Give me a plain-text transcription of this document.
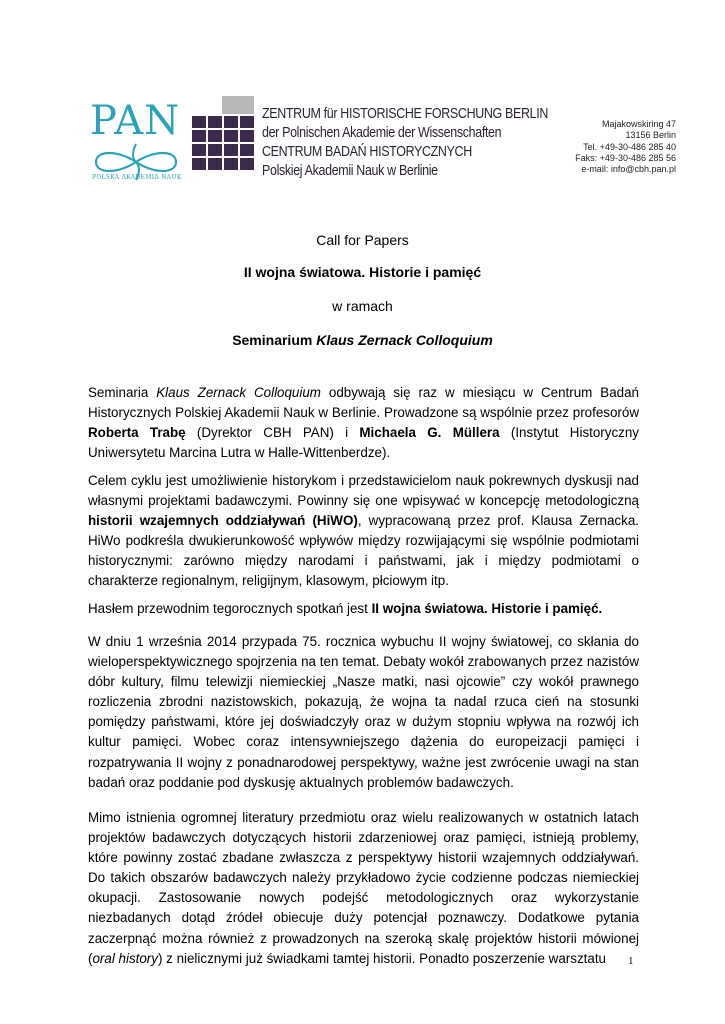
PAN
POLSKA AKADEMIA NAUK
ZENTRUM für HISTORISCHE FORSCHUNG BERLIN
der Polnischen Akademie der Wissenschaften
CENTRUM BADAŃ HISTORYCZNYCH
Polskiej Akademii Nauk w Berlinie
Majakowskiring 47
13156 Berlin
Tel. +49-30-486 285 40
Faks: +49-30-486 285 56
e-mail: info@cbh.pan.pl
Call for Papers
II wojna światowa. Historie i pamięć
w ramach
Seminarium Klaus Zernack Colloquium
Seminaria Klaus Zernack Colloquium odbywają się raz w miesiącu w Centrum Badań Historycznych Polskiej Akademii Nauk w Berlinie. Prowadzone są wspólnie przez profesorów Roberta Trabę (Dyrektor CBH PAN) i Michaela G. Müllera (Instytut Historyczny Uniwersytetu Marcina Lutra w Halle-Wittenberdze).
Celem cyklu jest umożliwienie historykom i przedstawicielom nauk pokrewnych dyskusji nad własnymi projektami badawczymi. Powinny się one wpisywać w koncepcję metodologiczną historii wzajemnych oddziaływań (HiWO), wypracowaną przez prof. Klausa Zernacka. HiWo podkreśla dwukierunkowość wpływów między rozwijającymi się wspólnie podmiotami historycznymi: zarówno między narodami i państwami, jak i między podmiotami o charakterze regionalnym, religijnym, klasowym, płciowym itp.
Hasłem przewodnim tegorocznych spotkań jest II wojna światowa. Historie i pamięć.
W dniu 1 września 2014 przypada 75. rocznica wybuchu II wojny światowej, co skłania do wieloperspektywicznego spojrzenia na ten temat. Debaty wokół zrabowanych przez nazistów dóbr kultury, filmu telewizji niemieckiej „Nasze matki, nasi ojcowie” czy wokół prawnego rozliczenia zbrodni nazistowskich, pokazują, że wojna ta nadal rzuca cień na stosunki pomiędzy państwami, które jej doświadczyły oraz w dużym stopniu wpływa na rozwój ich kultur pamięci. Wobec coraz intensywniejszego dążenia do europeizacji pamięci i rozpatrywania II wojny z ponadnarodowej perspektywy, ważne jest zwrócenie uwagi na stan badań oraz poddanie pod dyskusję aktualnych problemów badawczych.
Mimo istnienia ogromnej literatury przedmiotu oraz wielu realizowanych w ostatnich latach projektów badawczych dotyczących historii zdarzeniowej oraz pamięci, istnieją problemy, które powinny zostać zbadane zwłaszcza z perspektywy historii wzajemnych oddziaływań. Do takich obszarów badawczych należy przykładowo życie codzienne podczas niemieckiej okupacji. Zastosowanie nowych podejść metodologicznych oraz wykorzystanie niezbadanych dotąd źródeł obiecuje duży potencjał poznawczy. Dodatkowe pytania zaczerpnąć można również z prowadzonych na szeroką skalę projektów historii mówionej (oral history) z nielicznymi już świadkami tamtej historii. Ponadto poszerzenie warsztatu	1
